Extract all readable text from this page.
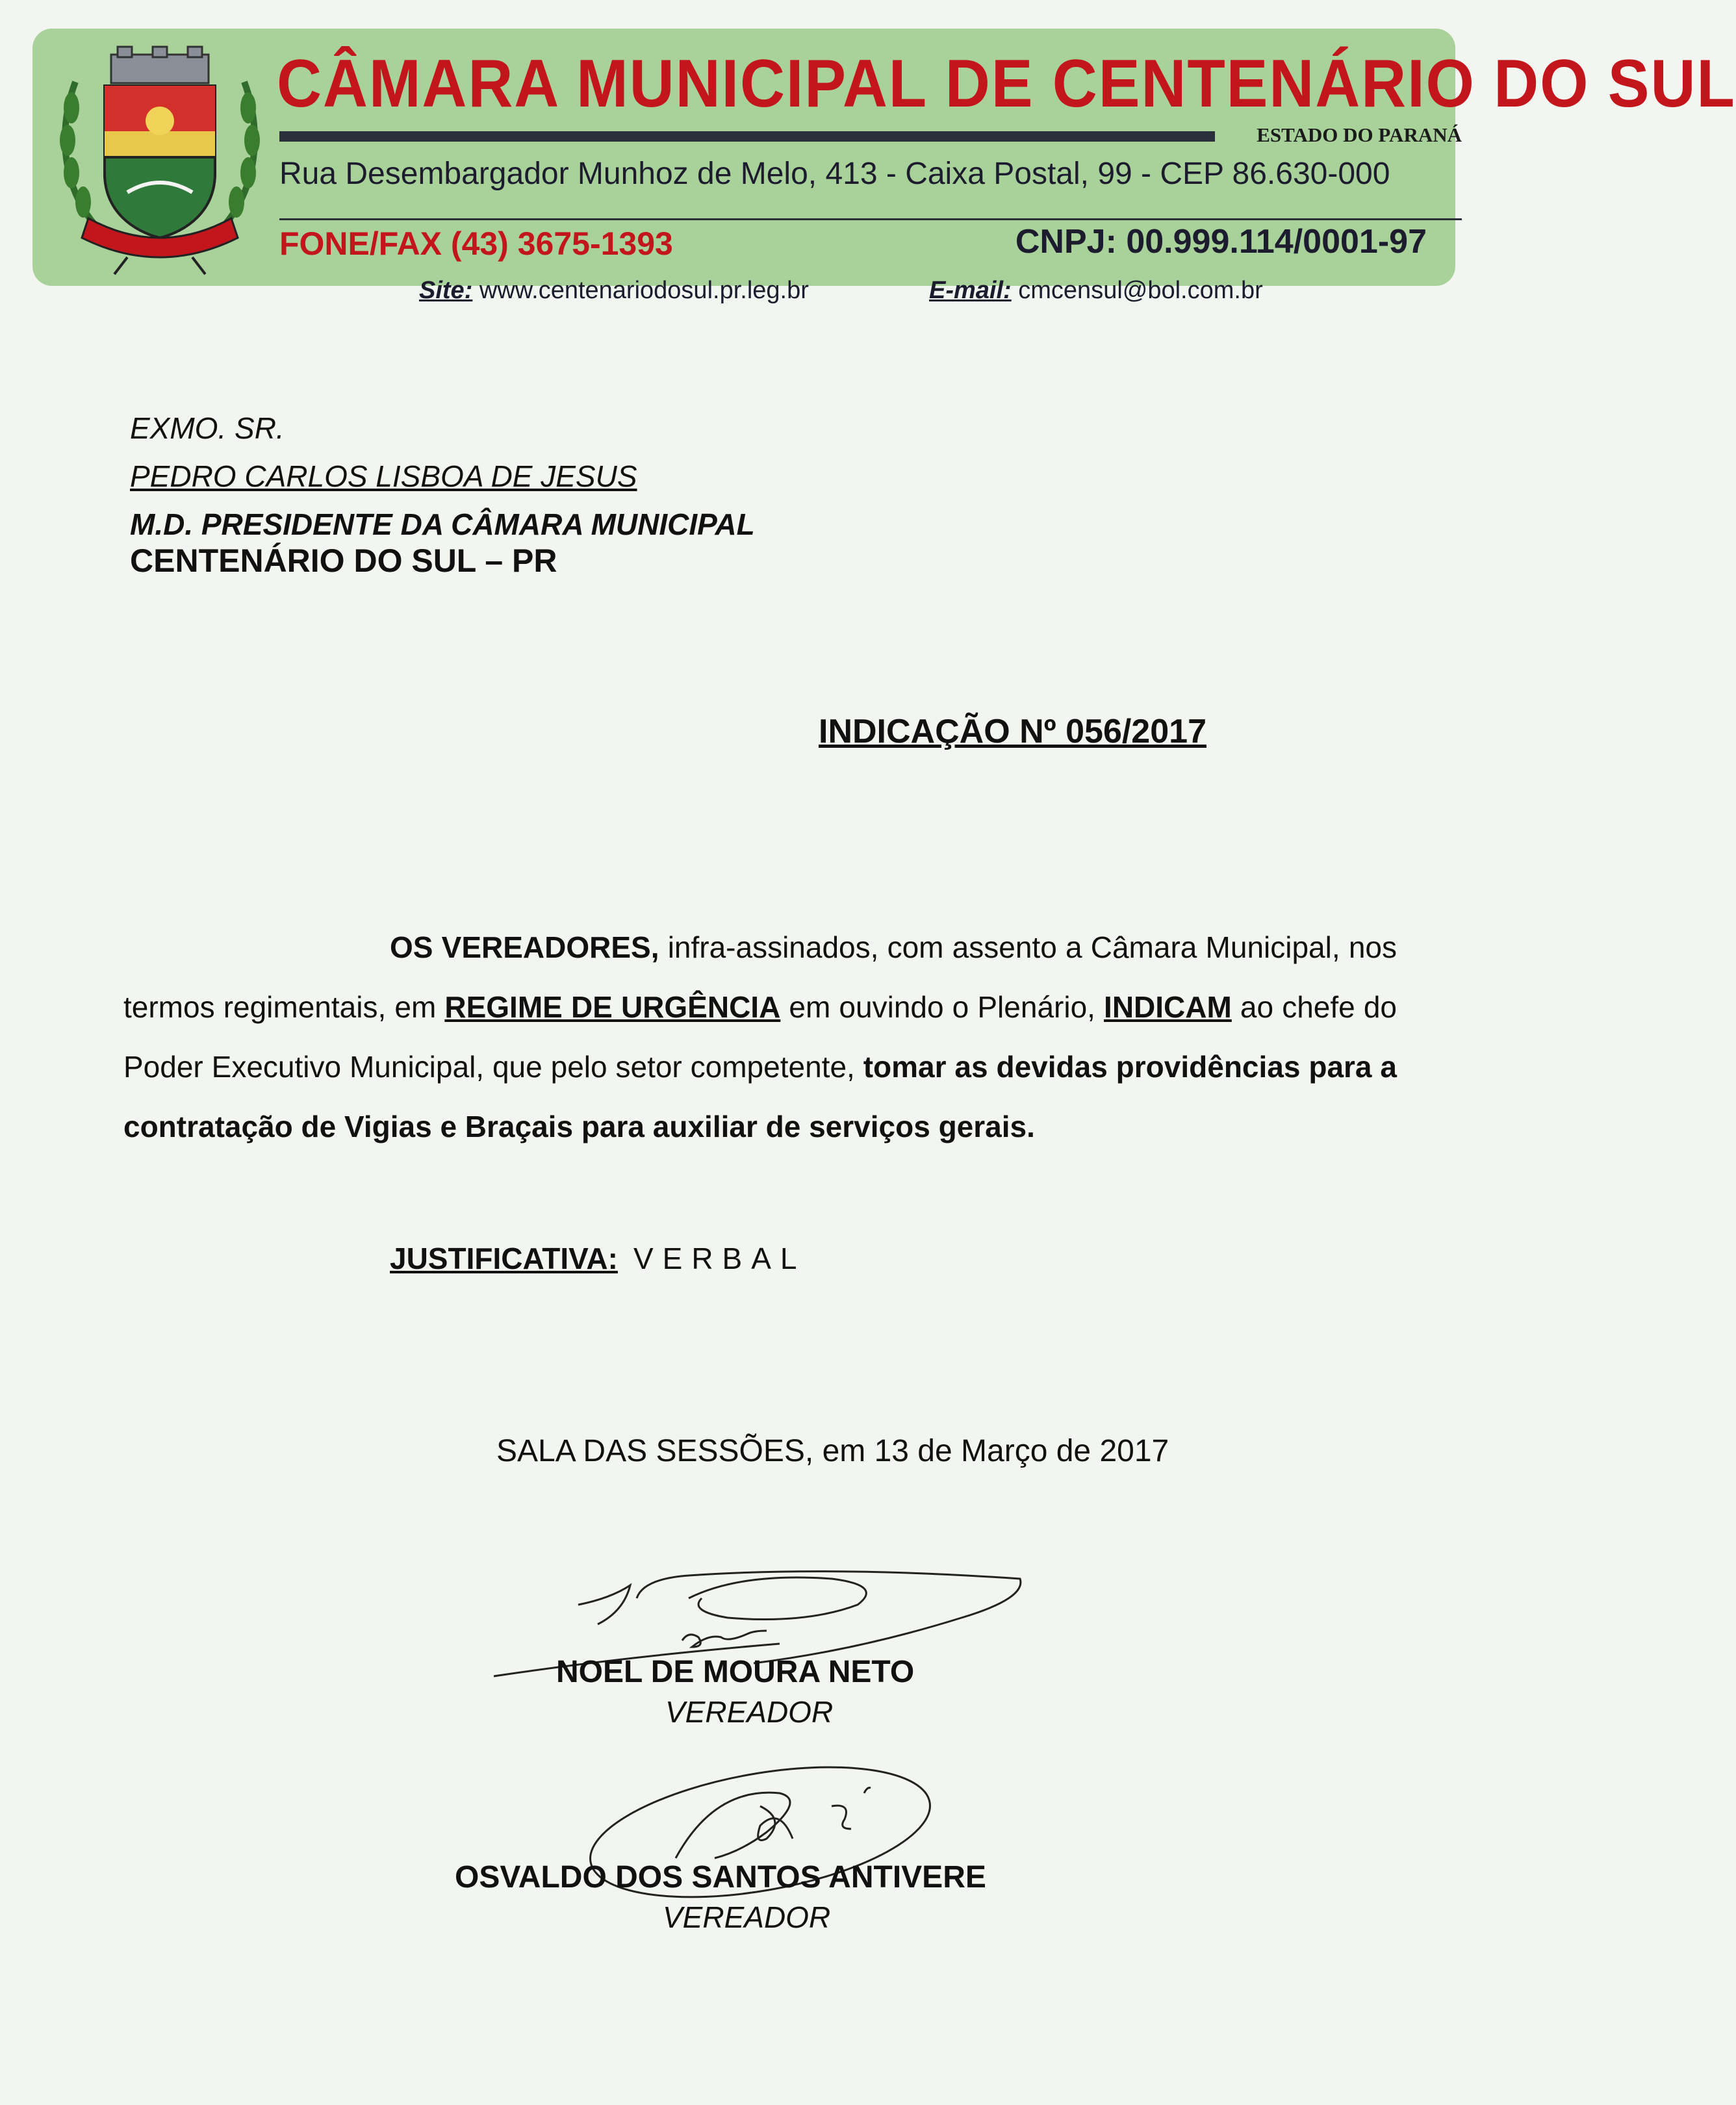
CÂMARA MUNICIPAL DE CENTENÁRIO DO SUL
ESTADO DO PARANÁ
Rua Desembargador Munhoz de Melo, 413 - Caixa Postal, 99 - CEP 86.630-000
FONE/FAX (43) 3675-1393	CNPJ: 00.999.114/0001-97
Site: www.centenariodosul.pr.leg.br	E-mail: cmcensul@bol.com.br
EXMO. SR.
PEDRO CARLOS LISBOA DE JESUS
M.D. PRESIDENTE DA CÂMARA MUNICIPAL
CENTENÁRIO DO SUL – PR
INDICAÇÃO Nº 056/2017
OS VEREADORES, infra-assinados, com assento a Câmara Municipal, nos termos regimentais, em REGIME DE URGÊNCIA em ouvindo o Plenário, INDICAM ao chefe do Poder Executivo Municipal, que pelo setor competente, tomar as devidas providências para a contratação de Vigias e Braçais para auxiliar de serviços gerais.
JUSTIFICATIVA: VERBAL
SALA DAS SESSÕES, em 13 de Março de 2017
NOEL DE MOURA NETO
VEREADOR
OSVALDO DOS SANTOS ANTIVERE
VEREADOR
